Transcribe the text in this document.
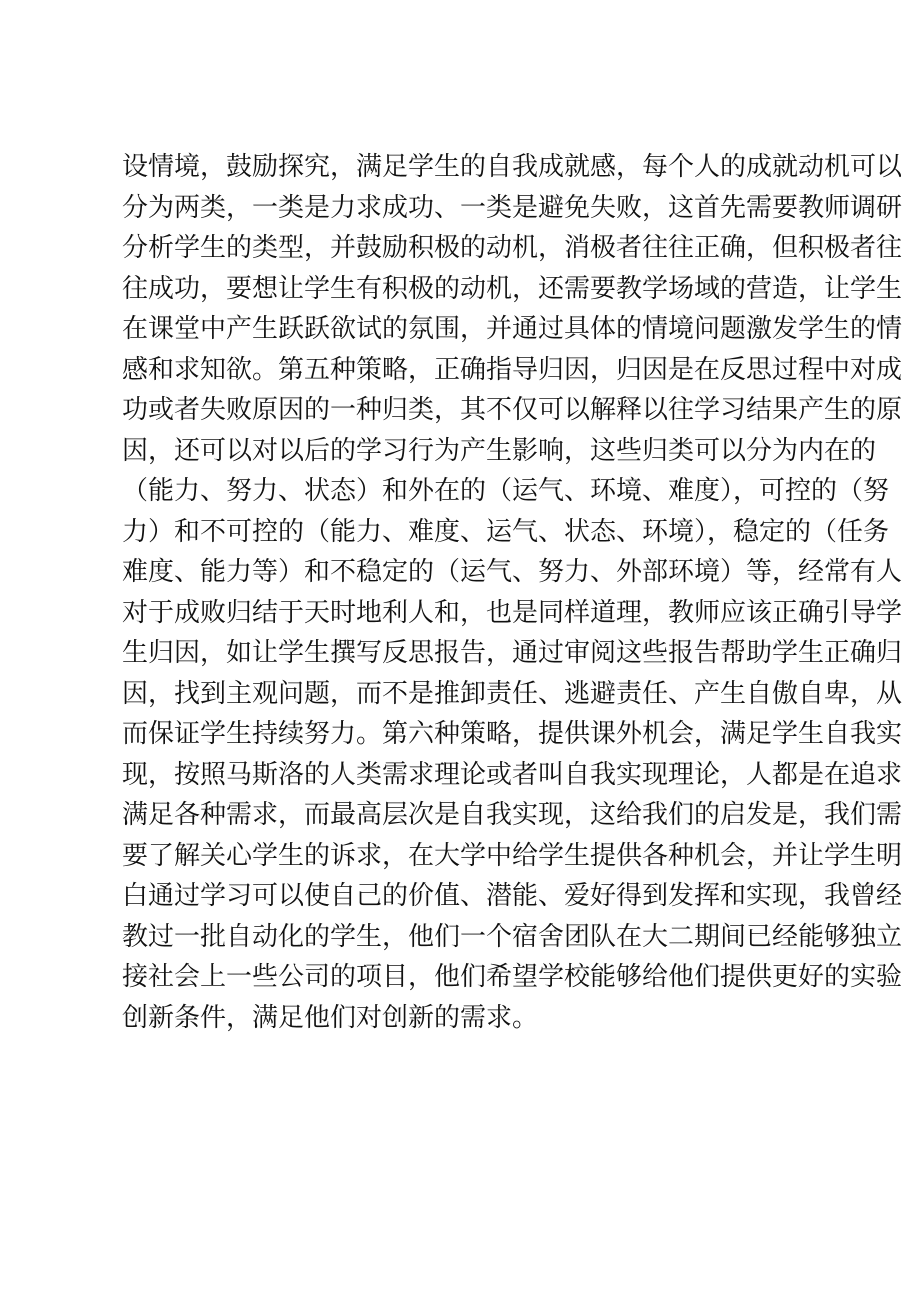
设情境，鼓励探究，满足学生的自我成就感，每个人的成就动机可以
分为两类，一类是力求成功、一类是避免失败，这首先需要教师调研
分析学生的类型，并鼓励积极的动机，消极者往往正确，但积极者往
往成功，要想让学生有积极的动机，还需要教学场域的营造，让学生
在课堂中产生跃跃欲试的氛围，并通过具体的情境问题激发学生的情
感和求知欲。第五种策略，正确指导归因，归因是在反思过程中对成
功或者失败原因的一种归类，其不仅可以解释以往学习结果产生的原
因，还可以对以后的学习行为产生影响，这些归类可以分为内在的
（能力、努力、状态）和外在的（运气、环境、难度），可控的（努
力）和不可控的（能力、难度、运气、状态、环境），稳定的（任务
难度、能力等）和不稳定的（运气、努力、外部环境）等，经常有人
对于成败归结于天时地利人和，也是同样道理，教师应该正确引导学
生归因，如让学生撰写反思报告，通过审阅这些报告帮助学生正确归
因，找到主观问题，而不是推卸责任、逃避责任、产生自傲自卑，从
而保证学生持续努力。第六种策略，提供课外机会，满足学生自我实
现，按照马斯洛的人类需求理论或者叫自我实现理论，人都是在追求
满足各种需求，而最高层次是自我实现，这给我们的启发是，我们需
要了解关心学生的诉求，在大学中给学生提供各种机会，并让学生明
白通过学习可以使自己的价值、潜能、爱好得到发挥和实现，我曾经
教过一批自动化的学生，他们一个宿舍团队在大二期间已经能够独立
接社会上一些公司的项目，他们希望学校能够给他们提供更好的实验
创新条件，满足他们对创新的需求。
